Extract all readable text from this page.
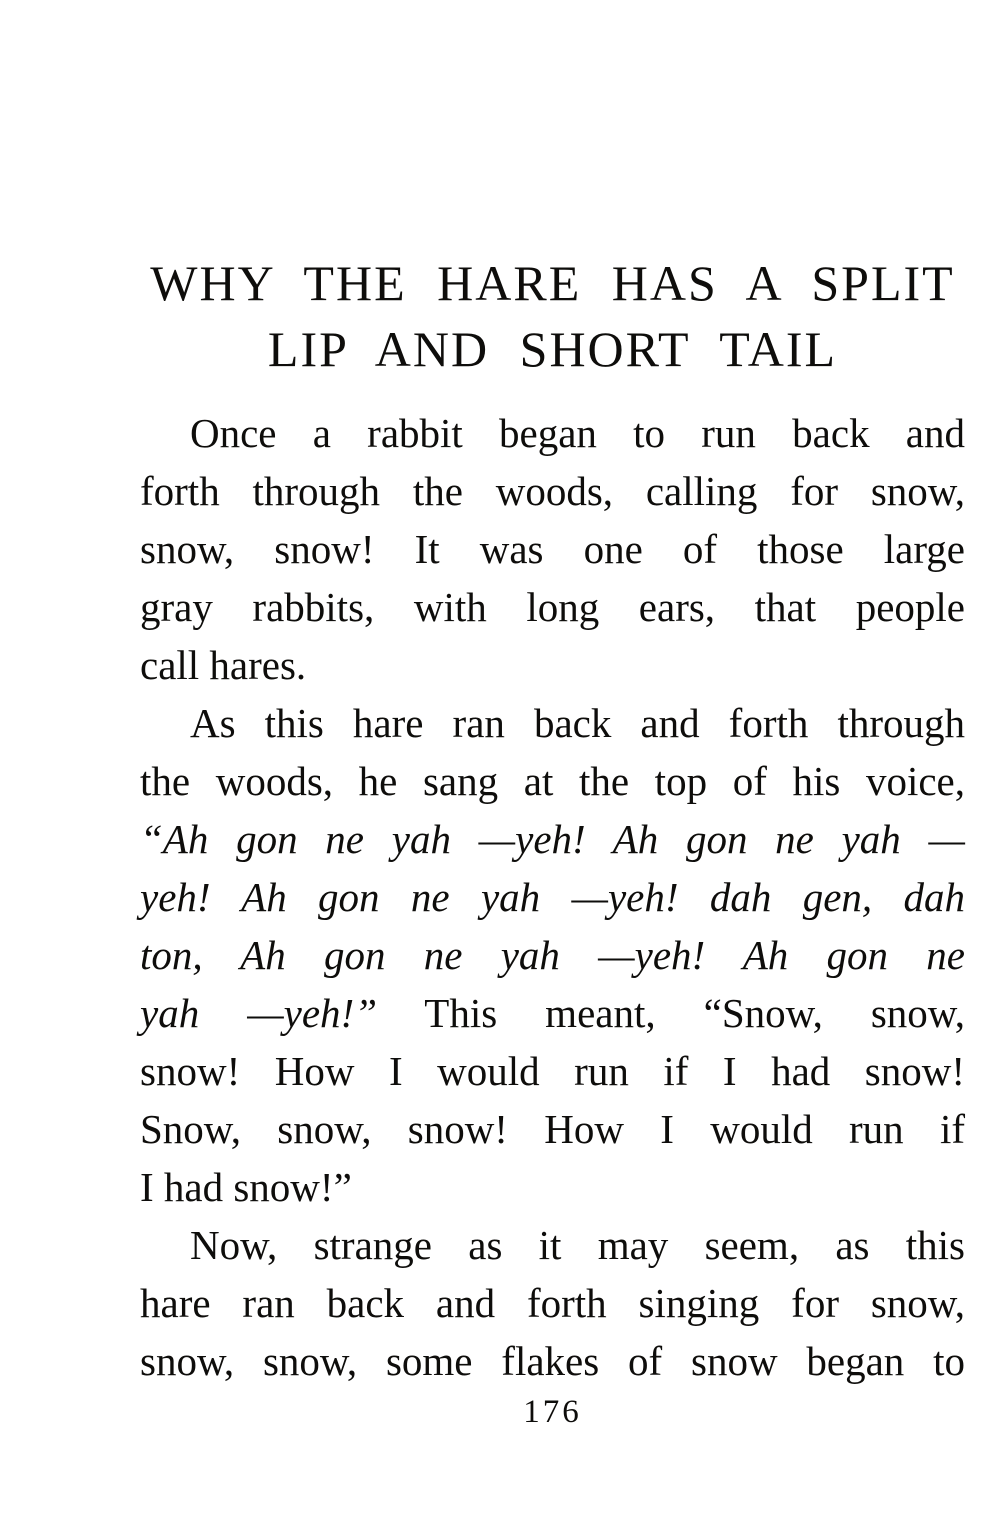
WHY THE HARE HAS A SPLIT
LIP AND SHORT TAIL
Once a rabbit began to run back and
forth through the woods, calling for snow,
snow, snow! It was one of those large
gray rabbits, with long ears, that people
call hares.
As this hare ran back and forth through
the woods, he sang at the top of his voice,
“Ah gon ne yah —yeh! Ah gon ne yah —
yeh! Ah gon ne yah —yeh! dah gen, dah
ton, Ah gon ne yah —yeh! Ah gon ne
yah —yeh!” This meant, “Snow, snow,
snow! How I would run if I had snow!
Snow, snow, snow! How I would run if
I had snow!”
Now, strange as it may seem, as this
hare ran back and forth singing for snow,
snow, snow, some flakes of snow began to
176
